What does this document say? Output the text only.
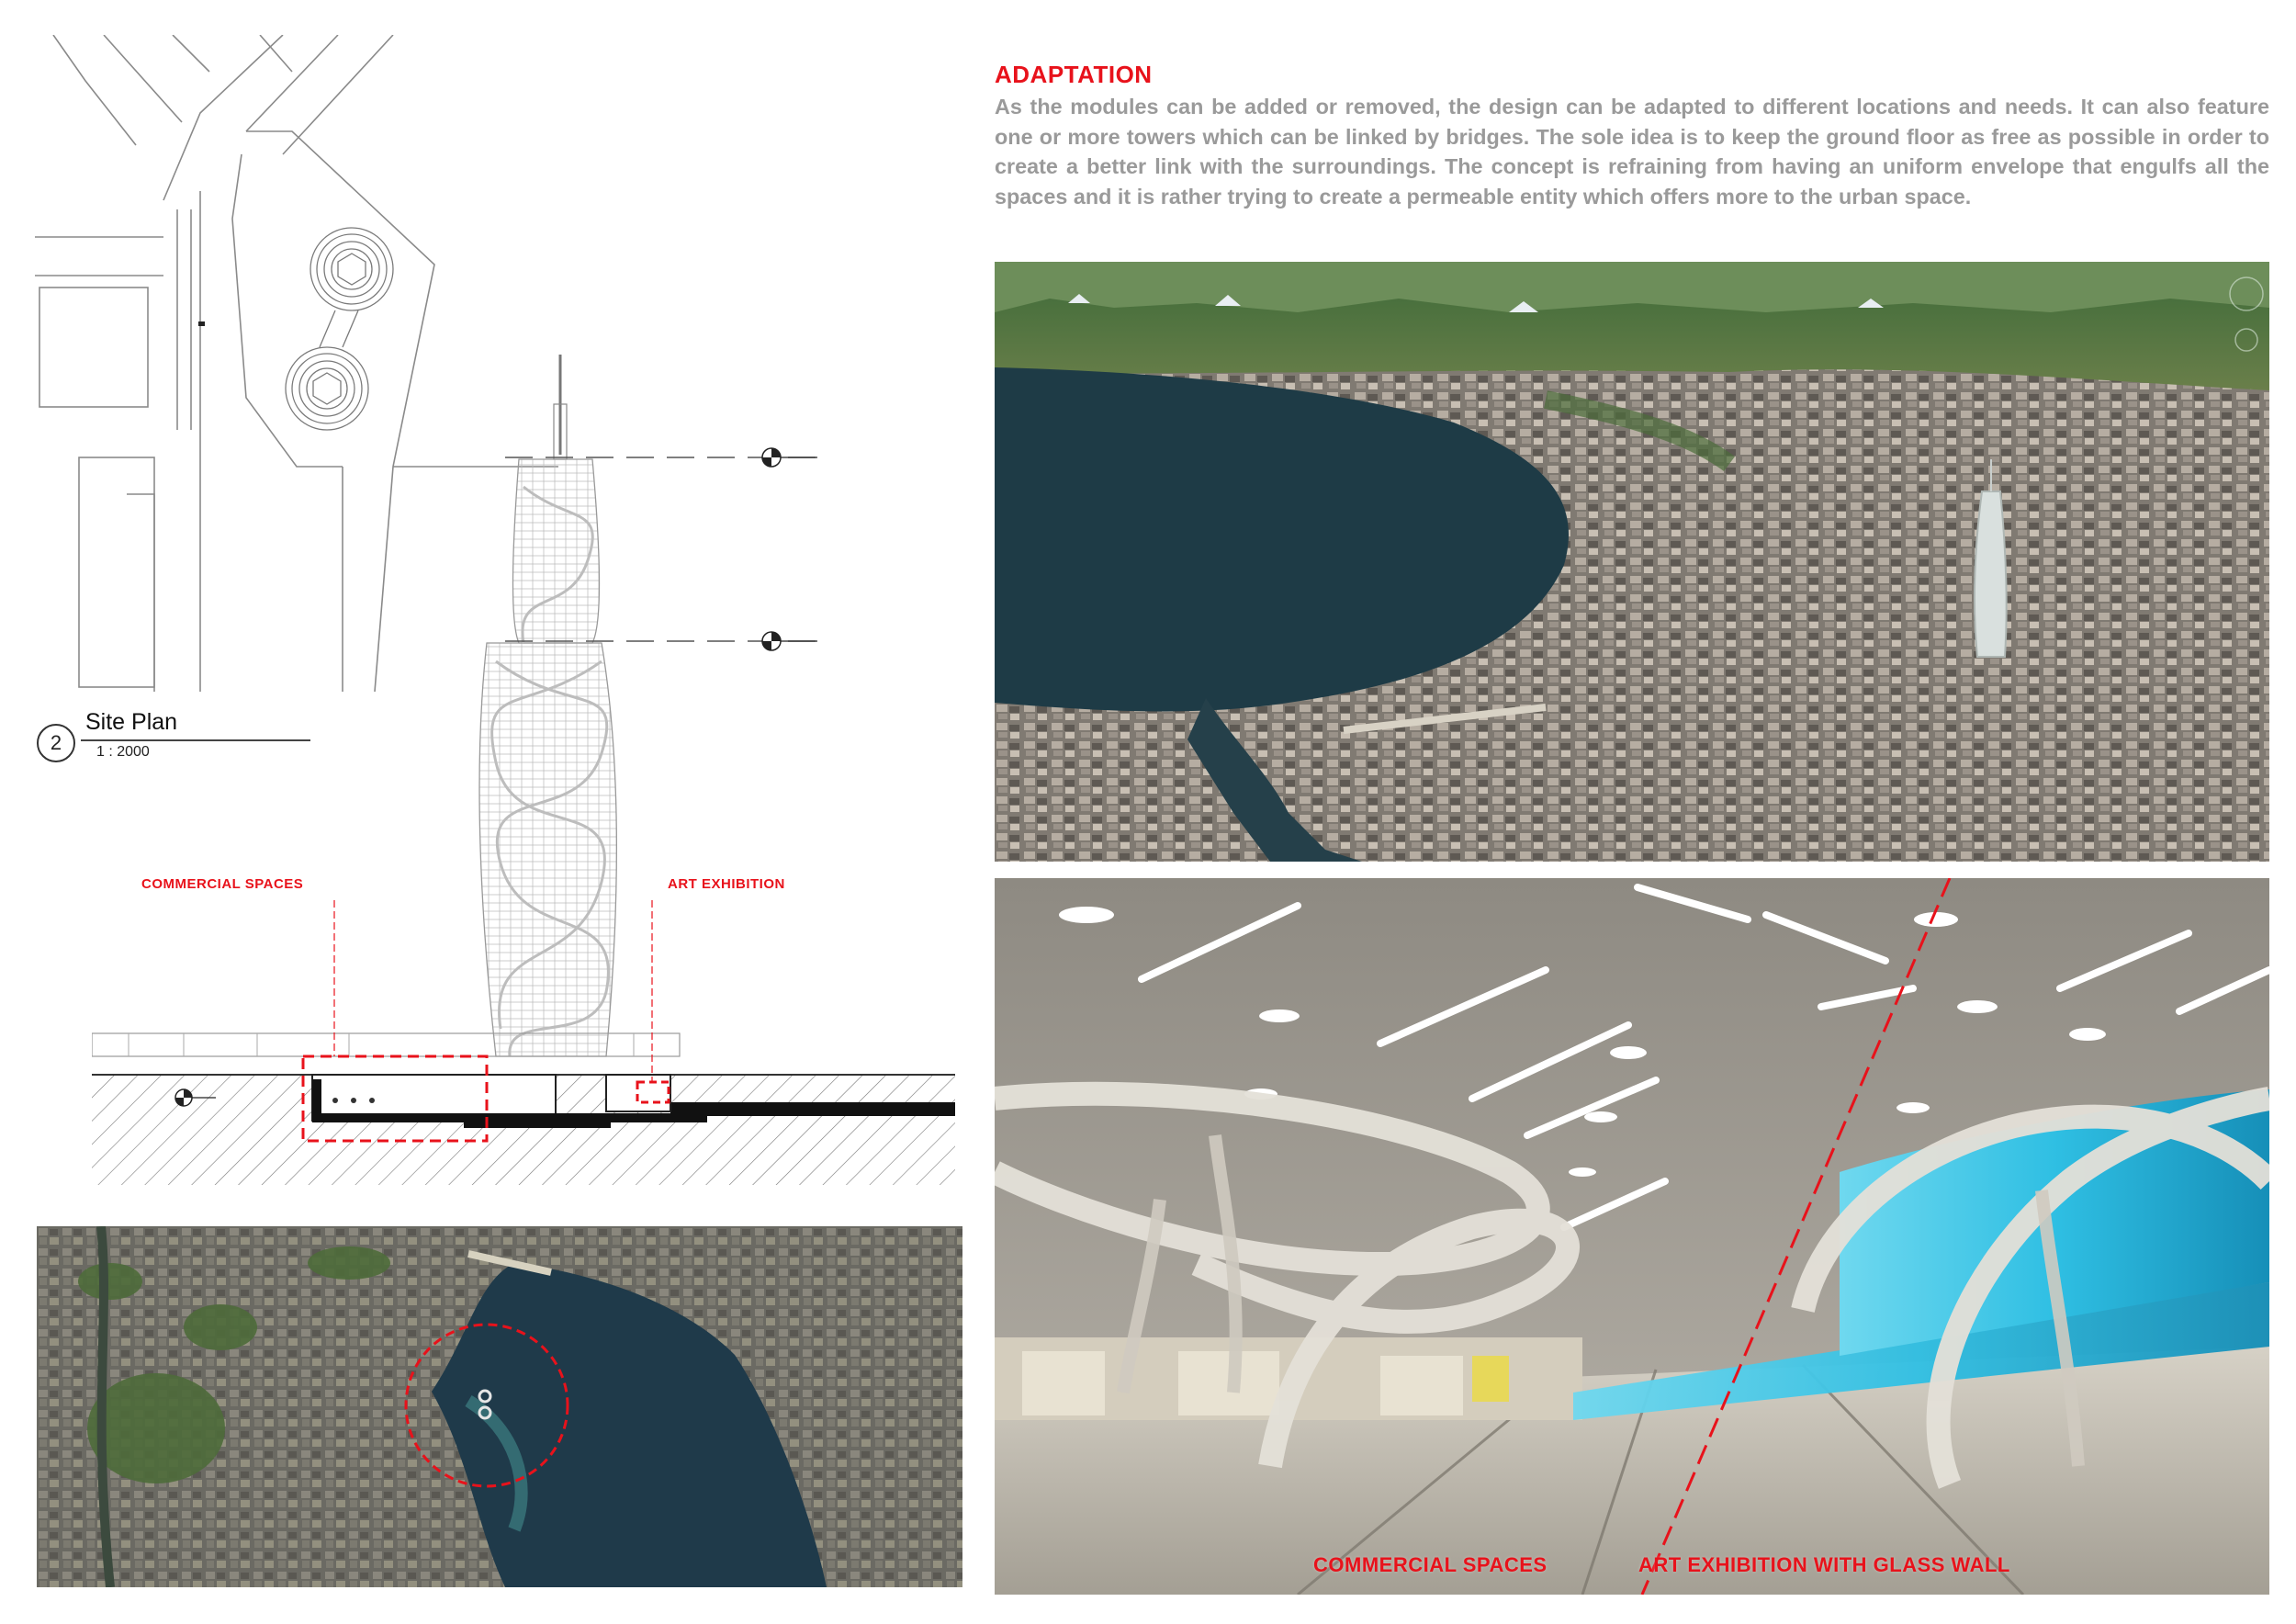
ADAPTATION
As the modules can be added or removed, the design can be adapted to different locations and needs. It can also feature one or more towers which can be linked by bridges. The sole idea is to keep the ground floor as free as possible in order to create a better link with the surroundings. The concept is refraining from having an uniform envelope that engulfs all the spaces and it is rather trying to create a permeable entity which offers more to the urban space.
2
Site Plan
1 : 2000
COMMERCIAL SPACES	ART EXHIBITION
COMMERCIAL SPACES	ART EXHIBITION WITH GLASS WALL
